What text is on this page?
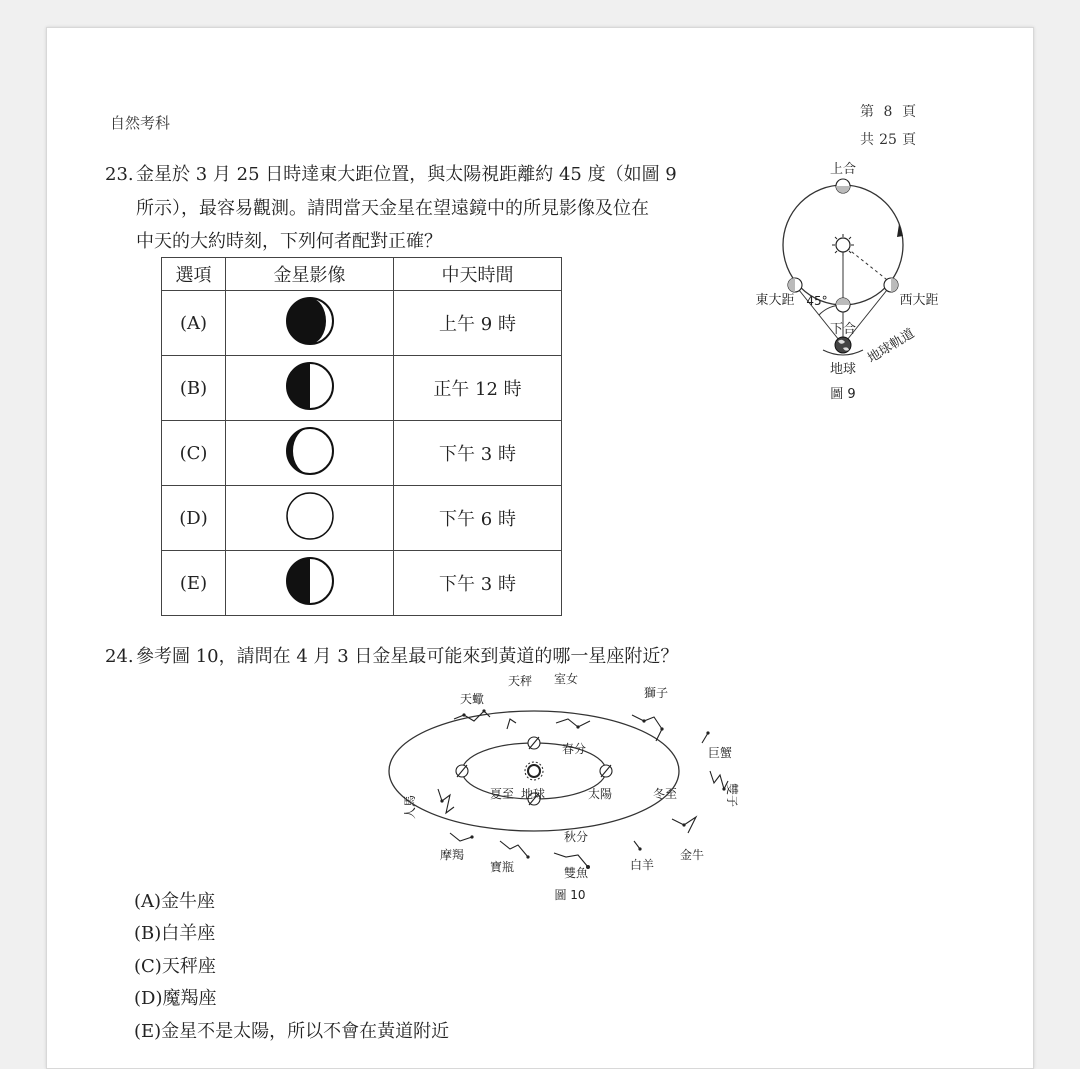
自然考科
第 8 頁
共 25 頁
23. 金星於 3 月 25 日時達東大距位置，與太陽視距離約 45 度（如圖 9
所示），最容易觀測。請問當天金星在望遠鏡中的所見影像及位在
中天的大約時刻，下列何者配對正確？
選項	金星影像	中天時間
(A)		上午 9 時
(B)		正午 12 時
(C)		下午 3 時
(D)		下午 6 時
(E)		下午 3 時
上合
45°
東大距	西大距
下合
地球
地球軌道
圖 9
24. 參考圖 10，請問在 4 月 3 日金星最可能來到黃道的哪一星座附近？
天秤 室女
天蠍	獅子
巨蟹
雙子
人馬
摩羯
寶瓶	雙魚
白羊
金牛
春分
秋分
夏至 地球	太陽	冬至
圖 10
(A)金牛座
(B)白羊座
(C)天秤座
(D)魔羯座
(E)金星不是太陽，所以不會在黃道附近
